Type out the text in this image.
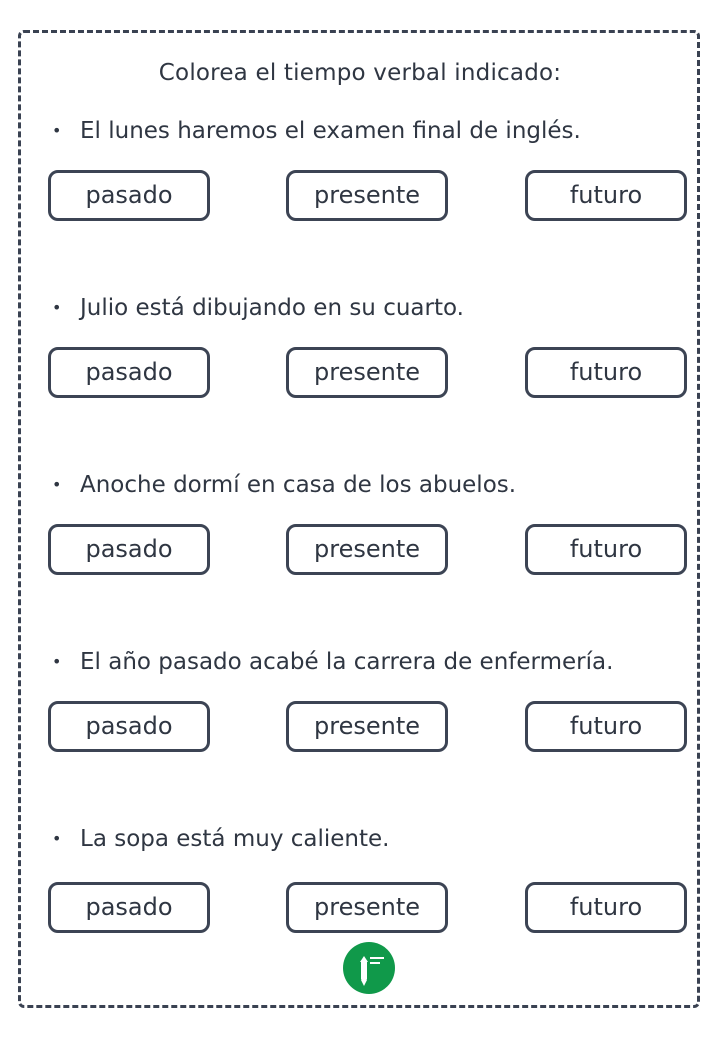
Colorea el tiempo verbal indicado:
• El lunes haremos el examen final de inglés.
pasado	presente	futuro
• Julio está dibujando en su cuarto.
pasado	presente	futuro
• Anoche dormí en casa de los abuelos.
pasado	presente	futuro
• El año pasado acabé la carrera de enfermería.
pasado	presente	futuro
• La sopa está muy caliente.
pasado	presente	futuro
